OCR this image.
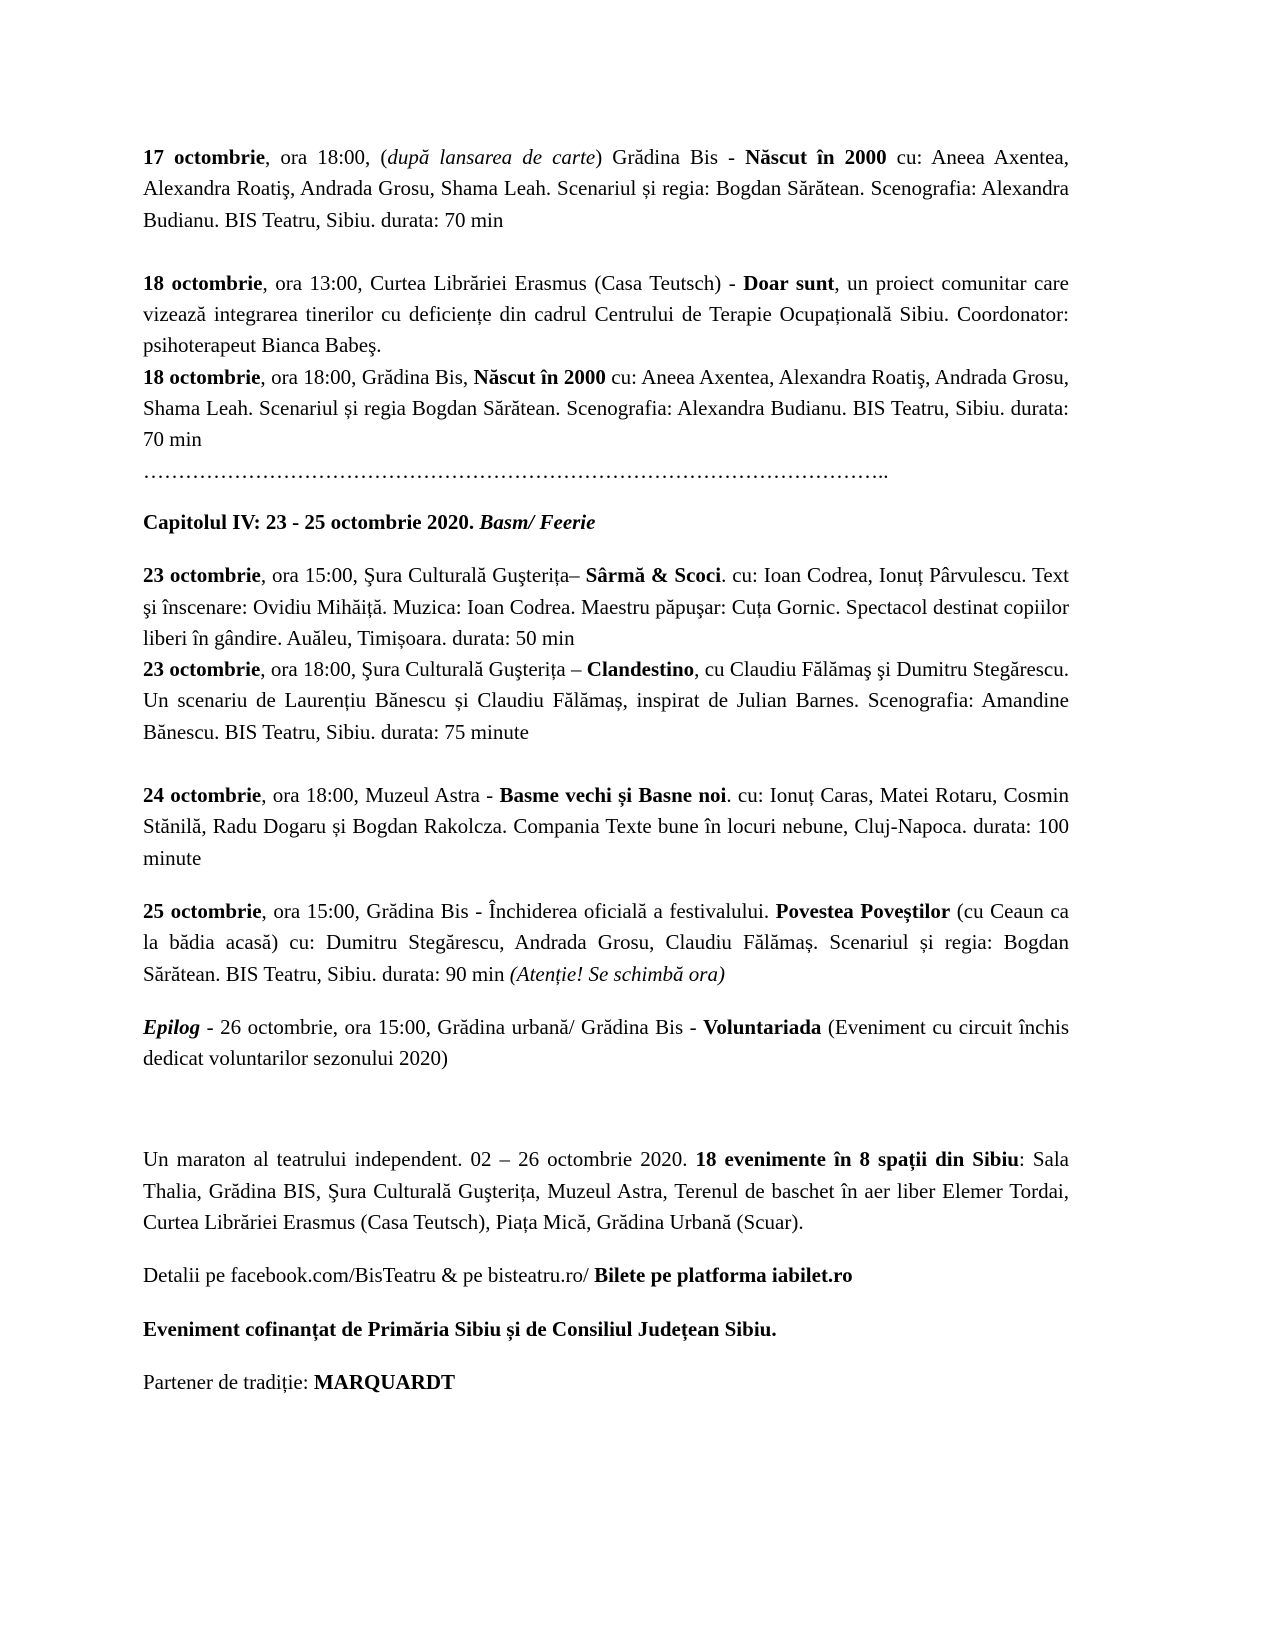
17 octombrie, ora 18:00, (după lansarea de carte) Grădina Bis - Născut în 2000 cu: Aneea Axentea, Alexandra Roatiş, Andrada Grosu, Shama Leah. Scenariul și regia: Bogdan Sărătean. Scenografia: Alexandra Budianu. BIS Teatru, Sibiu. durata: 70 min

18 octombrie, ora 13:00, Curtea Librăriei Erasmus (Casa Teutsch) - Doar sunt, un proiect comunitar care vizează integrarea tinerilor cu deficiențe din cadrul Centrului de Terapie Ocupațională Sibiu. Coordonator: psihoterapeut Bianca Babeş.

18 octombrie, ora 18:00, Grădina Bis, Născut în 2000 cu: Aneea Axentea, Alexandra Roatiş, Andrada Grosu, Shama Leah. Scenariul și regia Bogdan Sărătean. Scenografia: Alexandra Budianu. BIS Teatru, Sibiu. durata: 70 min

……………………………………………………………………………………………..

Capitolul IV: 23 - 25 octombrie 2020. Basm/ Feerie

23 octombrie, ora 15:00, Şura Culturală Guşterița– Sârmă & Scoci. cu: Ioan Codrea, Ionuț Pârvulescu. Text şi înscenare: Ovidiu Mihăiță. Muzica: Ioan Codrea. Maestru păpuşar: Cuța Gornic. Spectacol destinat copiilor liberi în gândire. Auăleu, Timișoara. durata: 50 min

23 octombrie, ora 18:00, Şura Culturală Guşterița – Clandestino, cu Claudiu Fălămaş şi Dumitru Stegărescu. Un scenariu de Laurențiu Bănescu și Claudiu Fălămaș, inspirat de Julian Barnes. Scenografia: Amandine Bănescu. BIS Teatru, Sibiu. durata: 75 minute

24 octombrie, ora 18:00, Muzeul Astra - Basme vechi și Basne noi. cu: Ionuț Caras, Matei Rotaru, Cosmin Stănilă, Radu Dogaru și Bogdan Rakolcza. Compania Texte bune în locuri nebune, Cluj-Napoca. durata: 100 minute

25 octombrie, ora 15:00, Grădina Bis - Închiderea oficială a festivalului. Povestea Poveștilor (cu Ceaun ca la bădia acasă) cu: Dumitru Stegărescu, Andrada Grosu, Claudiu Fălămaș. Scenariul și regia: Bogdan Sărătean. BIS Teatru, Sibiu. durata: 90 min (Atenție! Se schimbă ora)

Epilog - 26 octombrie, ora 15:00, Grădina urbană/ Grădina Bis - Voluntariada (Eveniment cu circuit închis dedicat voluntarilor sezonului 2020)

Un maraton al teatrului independent. 02 – 26 octombrie 2020. 18 evenimente în 8 spații din Sibiu: Sala Thalia, Grădina BIS, Şura Culturală Guşterița, Muzeul Astra, Terenul de baschet în aer liber Elemer Tordai, Curtea Librăriei Erasmus (Casa Teutsch), Piața Mică, Grădina Urbană (Scuar).

Detalii pe facebook.com/BisTeatru & pe bisteatru.ro/ Bilete pe platforma iabilet.ro

Eveniment cofinanțat de Primăria Sibiu și de Consiliul Județean Sibiu.

Partener de tradiție: MARQUARDT
